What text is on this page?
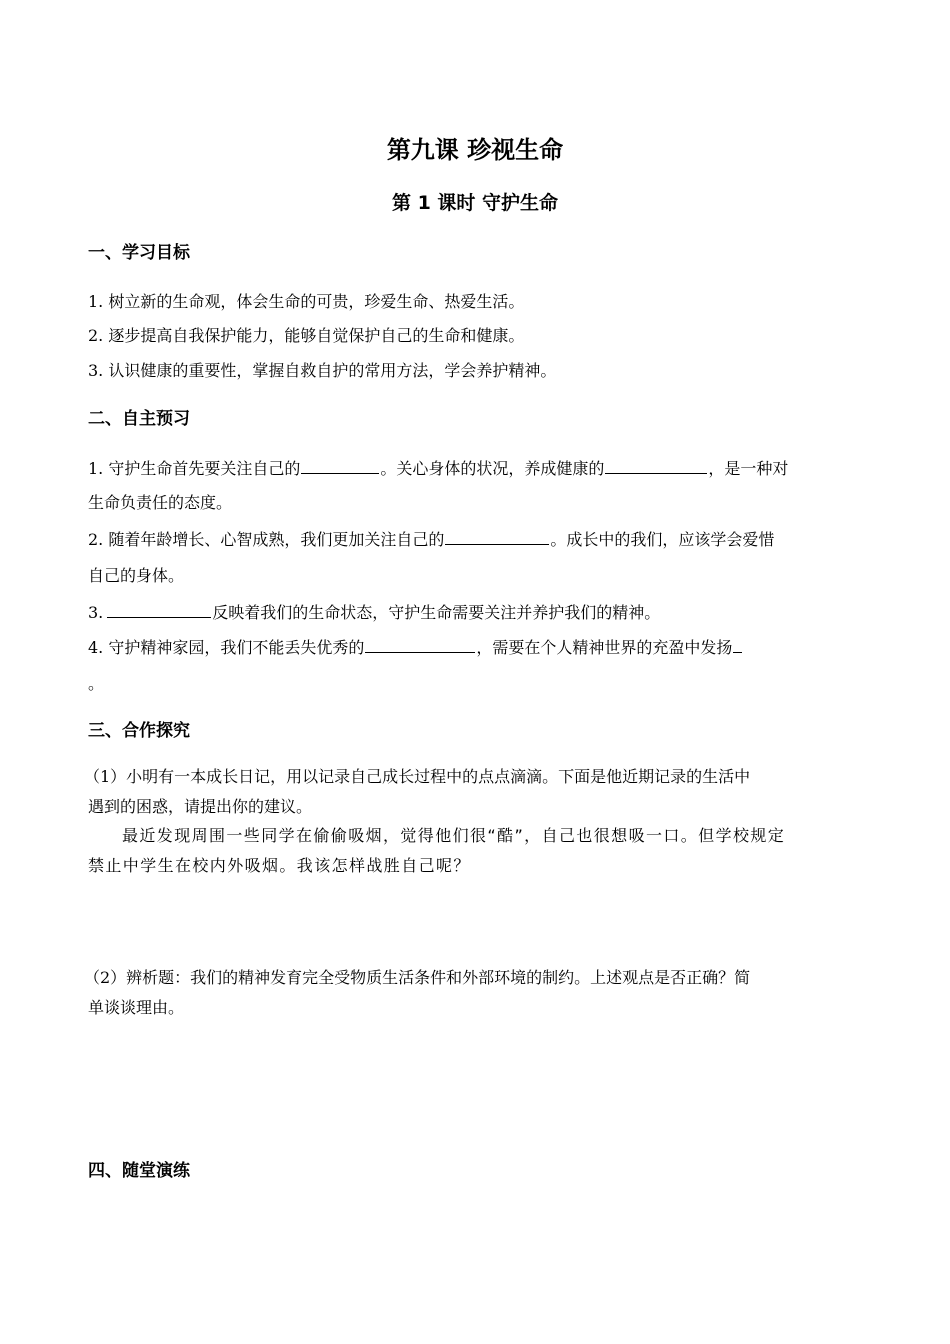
第九课 珍视生命
第 1 课时 守护生命
一、学习目标
1. 树立新的生命观，体会生命的可贵，珍爱生命、热爱生活。
2. 逐步提高自我保护能力，能够自觉保护自己的生命和健康。
3. 认识健康的重要性，掌握自救自护的常用方法，学会养护精神。
二、自主预习
1. 守护生命首先要关注自己的	。关心身体的状况，养成健康的	，是一种对
生命负责任的态度。
2. 随着年龄增长、心智成熟，我们更加关注自己的	。成长中的我们，应该学会爱惜
自己的身体。
3.	反映着我们的生命状态，守护生命需要关注并养护我们的精神。
4. 守护精神家园，我们不能丢失优秀的	，需要在个人精神世界的充盈中发扬
。
三、合作探究
（1）小明有一本成长日记，用以记录自己成长过程中的点点滴滴。下面是他近期记录的生活中
遇到的困惑，请提出你的建议。
最近发现周围一些同学在偷偷吸烟，觉得他们很“酷”，自己也很想吸一口。但学校规定
禁止中学生在校内外吸烟。我该怎样战胜自己呢？
（2）辨析题：我们的精神发育完全受物质生活条件和外部环境的制约。上述观点是否正确？简
单谈谈理由。
四、随堂演练
